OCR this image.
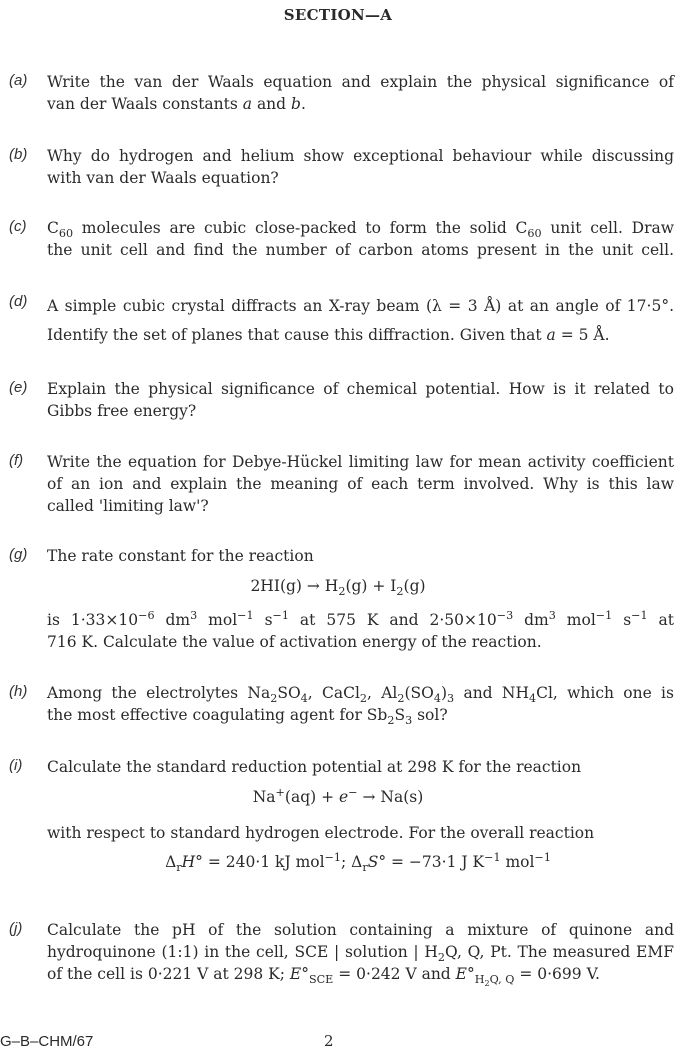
SECTION—A
(a) Write the van der Waals equation and explain the physical significance of
van der Waals constants a and b.
(b) Why do hydrogen and helium show exceptional behaviour while discussing
with van der Waals equation?
(c) $C_{60}$ molecules are cubic close-packed to form the solid $C_{60}$ unit cell. Draw
the unit cell and find the number of carbon atoms present in the unit cell.
(d) A simple cubic crystal diffracts an X-ray beam (λ = 3 Å) at an angle of 17·5°.
Identify the set of planes that cause this diffraction. Given that a = 5 Å.
(e) Explain the physical significance of chemical potential. How is it related to
Gibbs free energy?
(f) Write the equation for Debye-Hückel limiting law for mean activity coefficient
of an ion and explain the meaning of each term involved. Why is this law
called 'limiting law'?
(g) The rate constant for the reaction
$2HI(g) \to H_2(g) + I_2(g)$
is $1\cdot 33\times 10^{-6}$ $dm^3$ mol$^{-1}$ $s^{-1}$ at 575 K and $2\cdot 50\times 10^{-3}$ $dm^3$ mol$^{-1}$ $s^{-1}$ at
716 K. Calculate the value of activation energy of the reaction.
(h) Among the electrolytes $Na_2SO_4$, CaCl$_2$, $Al_2(SO_4)_3$ and $NH_4Cl$, which one is
the most effective coagulating agent for $Sb_2S_3$ sol?
(i) Calculate the standard reduction potential at 298 K for the reaction
Na+(aq) + e− → Na(s)
with respect to standard hydrogen electrode. For the overall reaction
$\Delta_rH^\circ = 240\cdot 1$ kJ mol$^{-1}$; $\Delta_rS^\circ = -73\cdot 1$ J $K^{-1}$ mol$^{-1}$
(j) Calculate the pH of the solution containing a mixture of quinone and
hydroquinone (1:1) in the cell, SCE | solution | $H_2Q$, Q, Pt. The measured EMF
of the cell is 0·221 V at 298 K; $E^\circ_{SCE} = 0\cdot 242$ V and $E^\circ_{H_2Q, Q} = 0\cdot 699$ V.
G–B–CHM/67	2
